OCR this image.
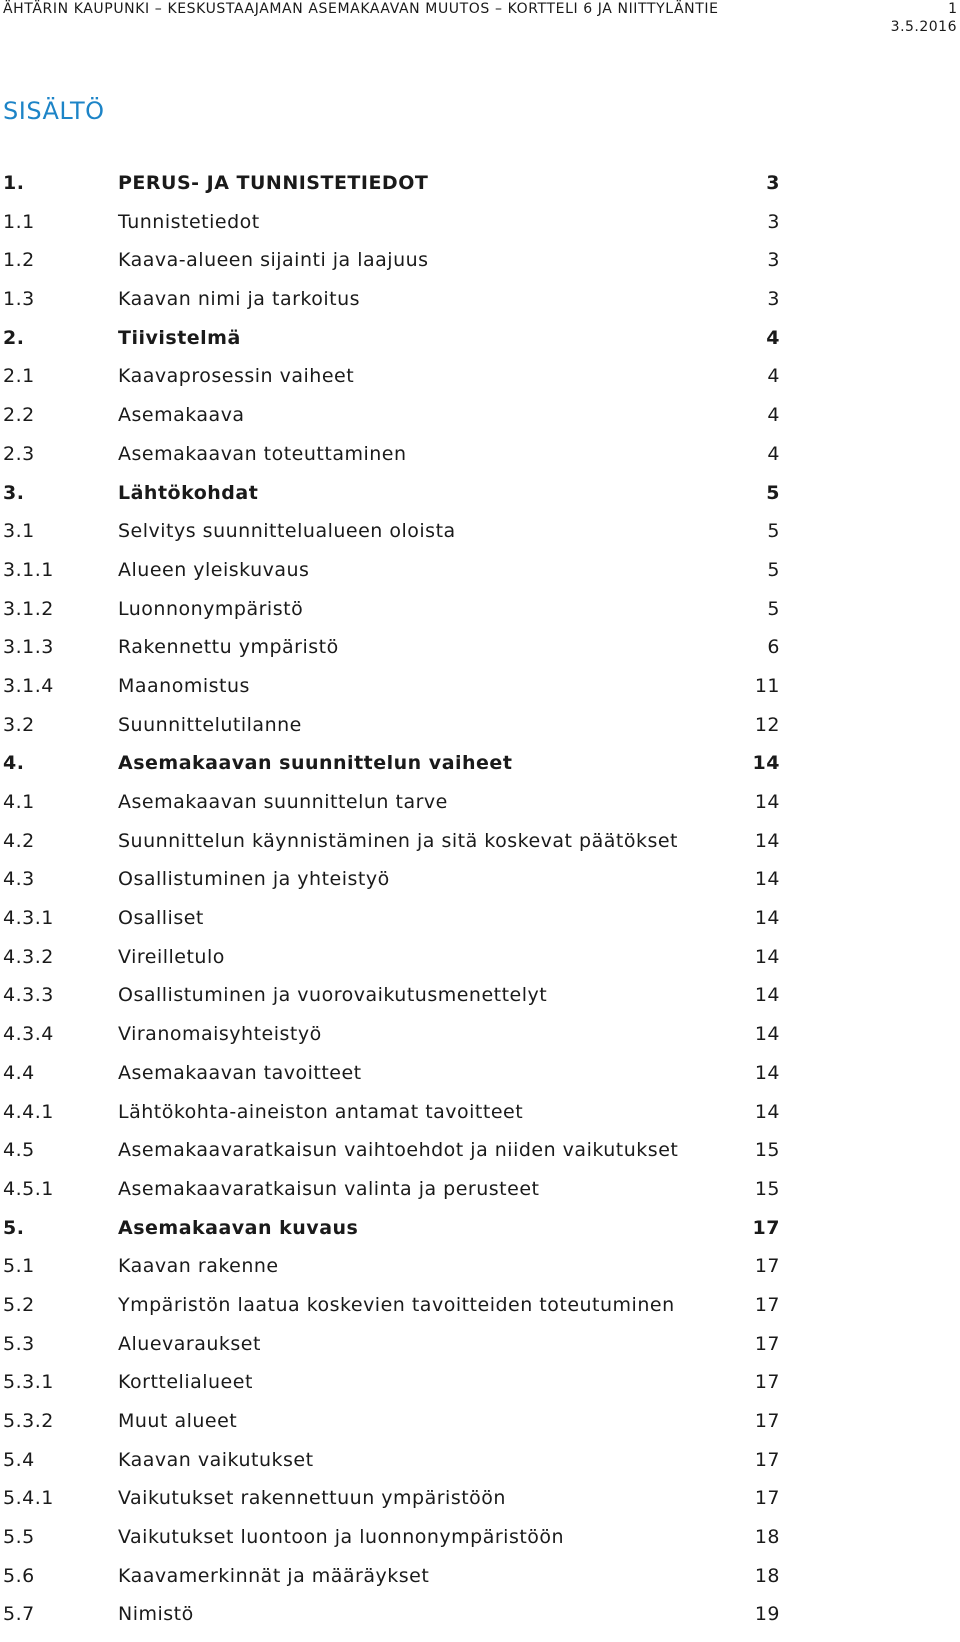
ÄHTÄRIN KAUPUNKI – KESKUSTAAJAMAN ASEMAKAAVAN MUUTOS – KORTTELI 6 JA NIITTYLÄNTIE	1
3.5.2016
SISÄLTÖ
1.	PERUS- JA TUNNISTETIEDOT	3
1.1	Tunnistetiedot	3
1.2	Kaava-alueen sijainti ja laajuus	3
1.3	Kaavan nimi ja tarkoitus	3
2.	Tiivistelmä	4
2.1	Kaavaprosessin vaiheet	4
2.2	Asemakaava	4
2.3	Asemakaavan toteuttaminen	4
3.	Lähtökohdat	5
3.1	Selvitys suunnittelualueen oloista	5
3.1.1	Alueen yleiskuvaus	5
3.1.2	Luonnonympäristö	5
3.1.3	Rakennettu ympäristö	6
3.1.4	Maanomistus	11
3.2	Suunnittelutilanne	12
4.	Asemakaavan suunnittelun vaiheet	14
4.1	Asemakaavan suunnittelun tarve	14
4.2	Suunnittelun käynnistäminen ja sitä koskevat päätökset	14
4.3	Osallistuminen ja yhteistyö	14
4.3.1	Osalliset	14
4.3.2	Vireilletulo	14
4.3.3	Osallistuminen ja vuorovaikutusmenettelyt	14
4.3.4	Viranomaisyhteistyö	14
4.4	Asemakaavan tavoitteet	14
4.4.1	Lähtökohta-aineiston antamat tavoitteet	14
4.5	Asemakaavaratkaisun vaihtoehdot ja niiden vaikutukset	15
4.5.1	Asemakaavaratkaisun valinta ja perusteet	15
5.	Asemakaavan kuvaus	17
5.1	Kaavan rakenne	17
5.2	Ympäristön laatua koskevien tavoitteiden toteutuminen	17
5.3	Aluevaraukset	17
5.3.1	Korttelialueet	17
5.3.2	Muut alueet	17
5.4	Kaavan vaikutukset	17
5.4.1	Vaikutukset rakennettuun ympäristöön	17
5.5	Vaikutukset luontoon ja luonnonympäristöön	18
5.6	Kaavamerkinnät ja määräykset	18
5.7	Nimistö	19
